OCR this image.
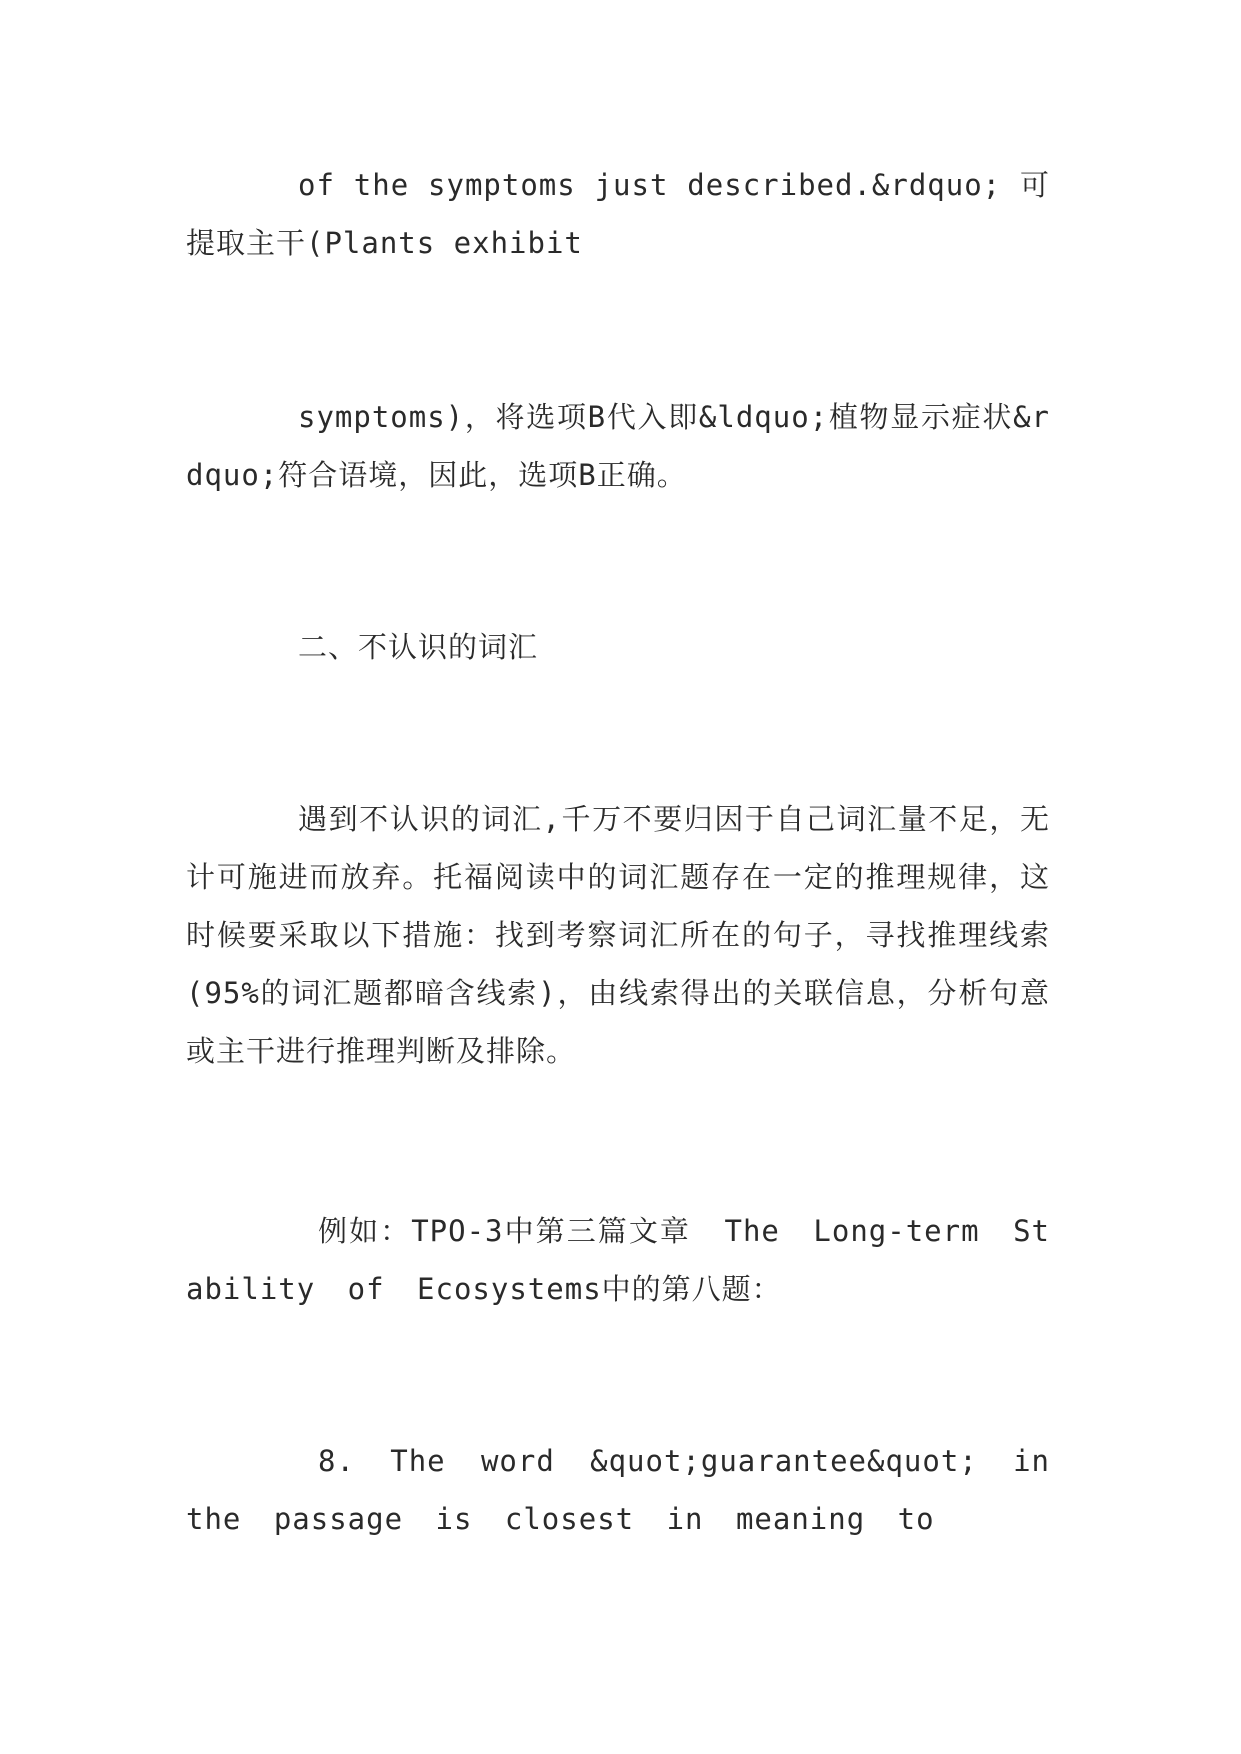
of the symptoms just described.&rdquo; 可提取主干(Plants exhibit

symptoms)，将选项B代入即&ldquo;植物显示症状&rdquo;符合语境，因此，选项B正确。

二、不认识的词汇

遇到不认识的词汇,千万不要归因于自己词汇量不足，无计可施进而放弃。托福阅读中的词汇题存在一定的推理规律，这时候要采取以下措施：找到考察词汇所在的句子，寻找推理线索(95%的词汇题都暗含线索)，由线索得出的关联信息，分析句意或主干进行推理判断及排除。

例如：TPO-3中第三篇文章 The Long-term Stability of Ecosystems中的第八题：

8. The word &quot;guarantee&quot; in the passage is closest in meaning to
